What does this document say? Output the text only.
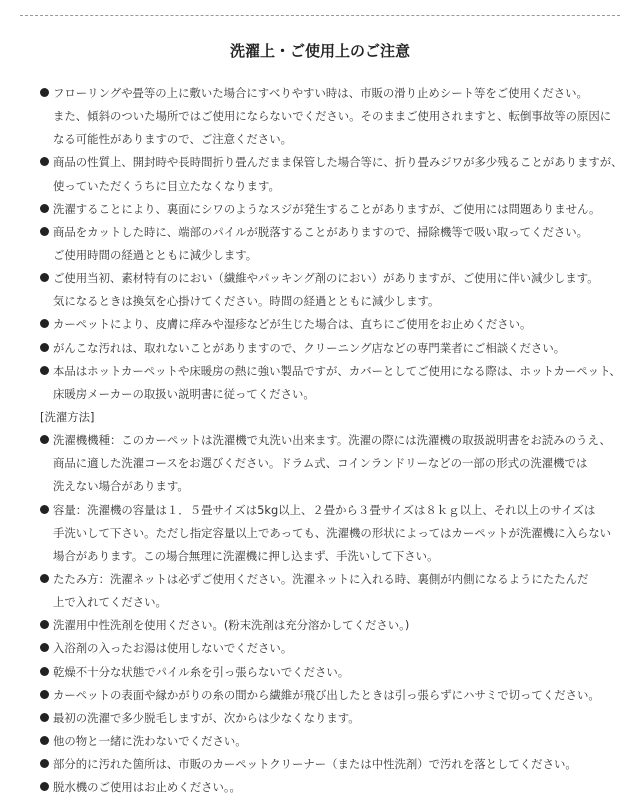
洗濯上・ご使用上のご注意
フローリングや畳等の上に敷いた場合にすべりやすい時は、市販の滑り止めシート等をご使用ください。
また、傾斜のついた場所ではご使用にならないでください。そのままご使用されますと、転倒事故等の原因に
なる可能性がありますので、ご注意ください。
商品の性質上、開封時や長時間折り畳んだまま保管した場合等に、折り畳みジワが多少残ることがありますが、
使っていただくうちに目立たなくなります。
洗濯することにより、裏面にシワのようなスジが発生することがありますが、ご使用には問題ありません。
商品をカットした時に、端部のパイルが脱落することがありますので、掃除機等で吸い取ってください。
ご使用時間の経過とともに減少します。
ご使用当初、素材特有のにおい（繊維やパッキング剤のにおい）がありますが、ご使用に伴い減少します。
気になるときは換気を心掛けてください。時間の経過とともに減少します。
カーペットにより、皮膚に痒みや湿疹などが生じた場合は、直ちにご使用をお止めください。
がんこな汚れは、取れないことがありますので、クリーニング店などの専門業者にご相談ください。
本品はホットカーペットや床暖房の熱に強い製品ですが、カバーとしてご使用になる際は、ホットカーペット、
床暖房メーカーの取扱い説明書に従ってください。
[洗濯方法]
洗濯機機種：このカーペットは洗濯機で丸洗い出来ます。洗濯の際には洗濯機の取扱説明書をお読みのうえ、
商品に適した洗濯コースをお選びください。ドラム式、コインランドリーなどの一部の形式の洗濯機では
洗えない場合があります。
容量：洗濯機の容量は１．５畳サイズは5kg以上、２畳から３畳サイズは８ｋｇ以上、それ以上のサイズは
手洗いして下さい。ただし指定容量以上であっても、洗濯機の形状によってはカーペットが洗濯機に入らない
場合があります。この場合無理に洗濯機に押し込まず、手洗いして下さい。
たたみ方：洗濯ネットは必ずご使用ください。洗濯ネットに入れる時、裏側が内側になるようにたたんだ
上で入れてください。
洗濯用中性洗剤を使用ください。(粉末洗剤は充分溶かしてください。)
入浴剤の入ったお湯は使用しないでください。
乾燥不十分な状態でパイル糸を引っ張らないでください。
カーペットの表面や縁かがりの糸の間から繊維が飛び出したときは引っ張らずにハサミで切ってください。
最初の洗濯で多少脱毛しますが、次からは少なくなります。
他の物と一緒に洗わないでください。
部分的に汚れた箇所は、市販のカーペットクリーナー（または中性洗剤）で汚れを落としてください。
脱水機のご使用はお止めください。。
